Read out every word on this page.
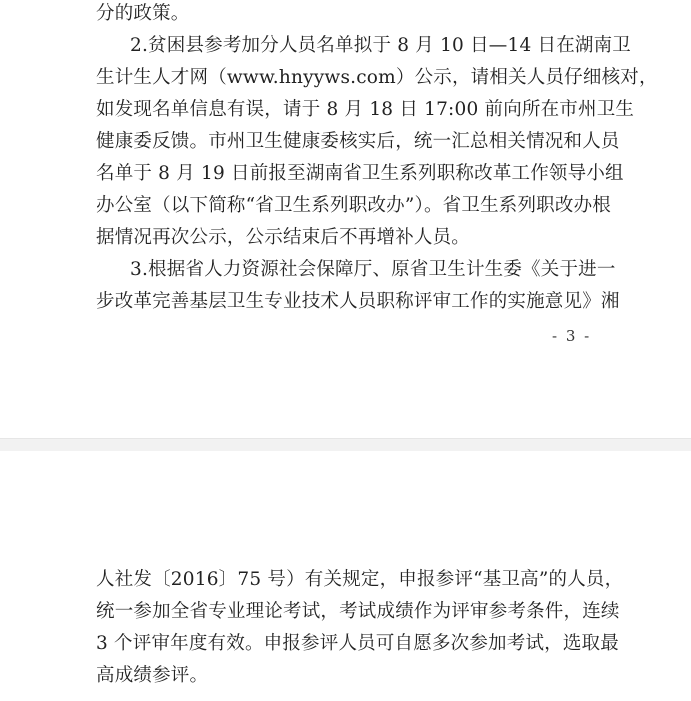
分的政策。
2.贫困县参考加分人员名单拟于 8 月 10 日—14 日在湖南卫
生计生人才网（www.hnyyws.com）公示，请相关人员仔细核对，
如发现名单信息有误，请于 8 月 18 日 17:00 前向所在市州卫生
健康委反馈。市州卫生健康委核实后，统一汇总相关情况和人员
名单于 8 月 19 日前报至湖南省卫生系列职称改革工作领导小组
办公室（以下简称“省卫生系列职改办”）。省卫生系列职改办根
据情况再次公示，公示结束后不再增补人员。
3.根据省人力资源社会保障厅、原省卫生计生委《关于进一
步改革完善基层卫生专业技术人员职称评审工作的实施意见》湘
- 3 -
人社发〔2016〕75 号）有关规定，申报参评“基卫高”的人员，
统一参加全省专业理论考试，考试成绩作为评审参考条件，连续
3 个评审年度有效。申报参评人员可自愿多次参加考试，选取最
高成绩参评。
